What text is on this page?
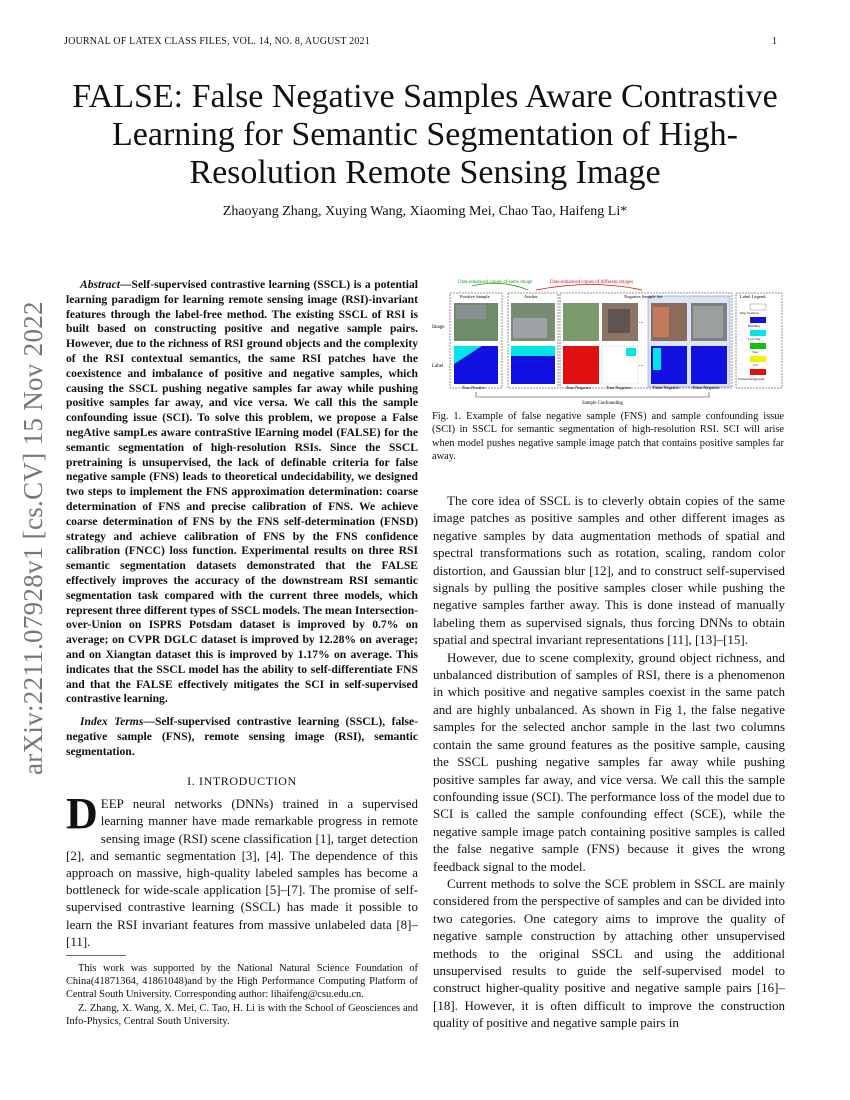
JOURNAL OF LATEX CLASS FILES, VOL. 14, NO. 8, AUGUST 2021	1
arXiv:2211.07928v1 [cs.CV] 15 Nov 2022
FALSE: False Negative Samples Aware Contrastive Learning for Semantic Segmentation of High-Resolution Remote Sensing Image
Zhaoyang Zhang, Xuying Wang, Xiaoming Mei, Chao Tao, Haifeng Li*

Abstract—Self-supervised contrastive learning (SSCL) is a potential learning paradigm for learning remote sensing image (RSI)-invariant features through the label-free method. The existing SSCL of RSI is built based on constructing positive and negative sample pairs. However, due to the richness of RSI ground objects and the complexity of the RSI contextual semantics, the same RSI patches have the coexistence and imbalance of positive and negative samples, which causing the SSCL pushing negative samples far away while pushing positive samples far away, and vice versa. We call this the sample confounding issue (SCI). To solve this problem, we propose a False negAtive sampLes aware contraStive lEarning model (FALSE) for the semantic segmentation of high-resolution RSIs. Since the SSCL pretraining is unsupervised, the lack of definable criteria for false negative sample (FNS) leads to theoretical undecidability, we designed two steps to implement the FNS approximation determination: coarse determination of FNS and precise calibration of FNS. We achieve coarse determination of FNS by the FNS self-determination (FNSD) strategy and achieve calibration of FNS by the FNS confidence calibration (FNCC) loss function. Experimental results on three RSI semantic segmentation datasets demonstrated that the FALSE effectively improves the accuracy of the downstream RSI semantic segmentation task compared with the current three models, which represent three different types of SSCL models. The mean Intersection-over-Union on ISPRS Potsdam dataset is improved by 0.7% on average; on CVPR DGLC dataset is improved by 12.28% on average; and on Xiangtan dataset this is improved by 1.17% on average. This indicates that the SSCL model has the ability to self-differentiate FNS and that the FALSE effectively mitigates the SCI in self-supervised contrastive learning.

Index Terms—Self-supervised contrastive learning (SSCL), false-negative sample (FNS), remote sensing image (RSI), semantic segmentation.

I. INTRODUCTION

DEEP neural networks (DNNs) trained in a supervised learning manner have made remarkable progress in remote sensing image (RSI) scene classification [1], target detection [2], and semantic segmentation [3], [4]. The dependence of this approach on massive, high-quality labeled samples has become a bottleneck for wide-scale application [5]–[7]. The promise of self-supervised contrastive learning (SSCL) has made it possible to learn the RSI invariant features from massive unlabeled data [8]–[11].

This work was supported by the National Natural Science Foundation of China(41871364, 41861048)and by the High Performance Computing Platform of Central South University. Corresponding author: lihaifeng@csu.edu.cn.

Z. Zhang, X. Wang, X. Mei, C. Tao, H. Li is with the School of Geosciences and Info-Physics, Central South University.

Data-enhanced copies of same image	Data-enhanced copies of different images
Positive Sample	Anchor	Negative Sample Set
Image
Label
...
...
True Positive	True Negative	True Negative	False Negative	False Negative
Sample Confounding
Label Legend
Imp. Surfaces
Building
Low Veg.
Tree
Car
Clutter/background
Fig. 1. Example of false negative sample (FNS) and sample confounding issue (SCI) in SSCL for semantic segmentation of high-resolution RSI. SCI will arise when model pushes negative sample image patch that contains positive samples far away.

The core idea of SSCL is to cleverly obtain copies of the same image patches as positive samples and other different images as negative samples by data augmentation methods of spatial and spectral transformations such as rotation, scaling, random color distortion, and Gaussian blur [12], and to construct self-supervised signals by pulling the positive samples closer while pushing the negative samples farther away. This is done instead of manually labeling them as supervised signals, thus forcing DNNs to obtain spatial and spectral invariant representations [11], [13]–[15].

However, due to scene complexity, ground object richness, and unbalanced distribution of samples of RSI, there is a phenomenon in which positive and negative samples coexist in the same patch and are highly unbalanced. As shown in Fig 1, the false negative samples for the selected anchor sample in the last two columns contain the same ground features as the positive sample, causing the SSCL pushing negative samples far away while pushing positive samples far away, and vice versa. We call this the sample confounding issue (SCI). The performance loss of the model due to SCI is called the sample confounding effect (SCE), while the negative sample image patch containing positive samples is called the false negative sample (FNS) because it gives the wrong feedback signal to the model.

Current methods to solve the SCE problem in SSCL are mainly considered from the perspective of samples and can be divided into two categories. One category aims to improve the quality of negative sample construction by attaching other unsupervised methods to the original SSCL and using the additional unsupervised results to guide the self-supervised model to construct higher-quality positive and negative sample pairs [16]–[18]. However, it is often difficult to improve the construction quality of positive and negative sample pairs in
